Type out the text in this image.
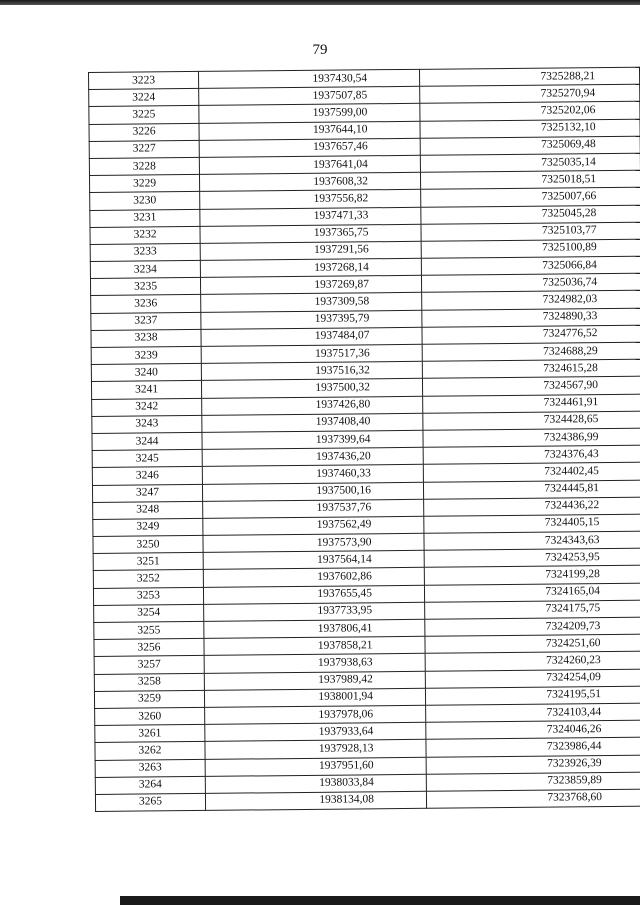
79
3223	1937430,54	7325288,21
3224	1937507,85	7325270,94
3225	1937599,00	7325202,06
3226	1937644,10	7325132,10
3227	1937657,46	7325069,48
3228	1937641,04	7325035,14
3229	1937608,32	7325018,51
3230	1937556,82	7325007,66
3231	1937471,33	7325045,28
3232	1937365,75	7325103,77
3233	1937291,56	7325100,89
3234	1937268,14	7325066,84
3235	1937269,87	7325036,74
3236	1937309,58	7324982,03
3237	1937395,79	7324890,33
3238	1937484,07	7324776,52
3239	1937517,36	7324688,29
3240	1937516,32	7324615,28
3241	1937500,32	7324567,90
3242	1937426,80	7324461,91
3243	1937408,40	7324428,65
3244	1937399,64	7324386,99
3245	1937436,20	7324376,43
3246	1937460,33	7324402,45
3247	1937500,16	7324445,81
3248	1937537,76	7324436,22
3249	1937562,49	7324405,15
3250	1937573,90	7324343,63
3251	1937564,14	7324253,95
3252	1937602,86	7324199,28
3253	1937655,45	7324165,04
3254	1937733,95	7324175,75
3255	1937806,41	7324209,73
3256	1937858,21	7324251,60
3257	1937938,63	7324260,23
3258	1937989,42	7324254,09
3259	1938001,94	7324195,51
3260	1937978,06	7324103,44
3261	1937933,64	7324046,26
3262	1937928,13	7323986,44
3263	1937951,60	7323926,39
3264	1938033,84	7323859,89
3265	1938134,08	7323768,60
